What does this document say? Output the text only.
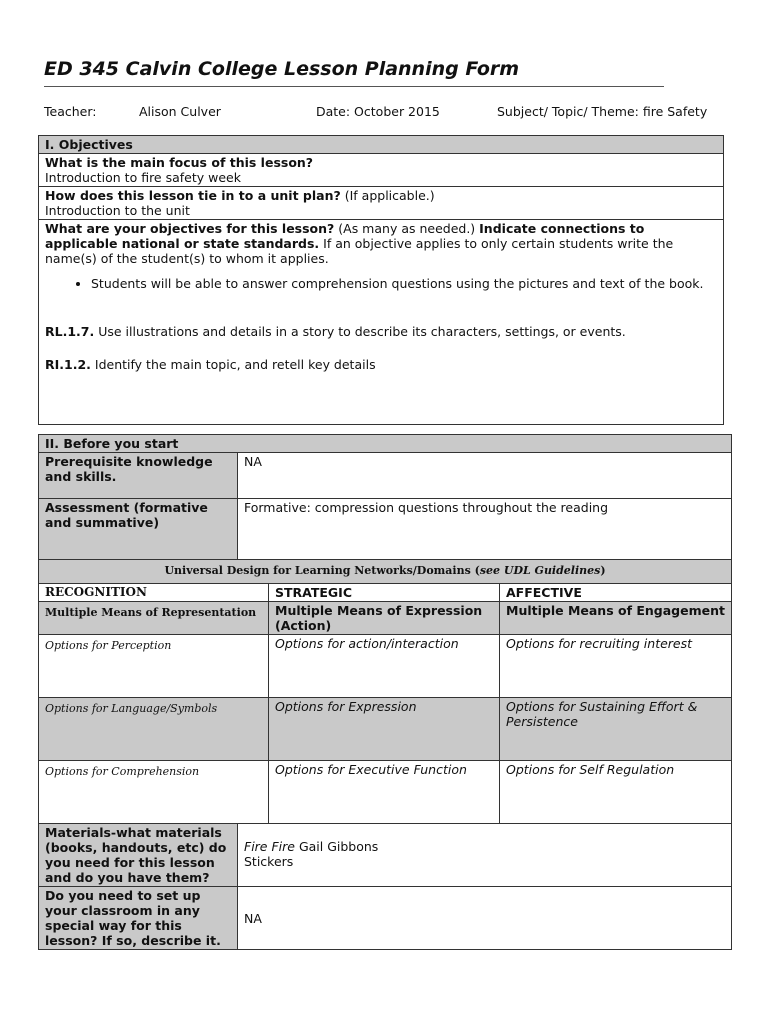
ED 345 Calvin College Lesson Planning Form
Teacher:	Alison Culver	Date: October 2015	Subject/ Topic/ Theme: fire Safety
I. Objectives

What is the main focus of this lesson?
Introduction to fire safety week

How does this lesson tie in to a unit plan? (If applicable.)
Introduction to the unit

What are your objectives for this lesson? (As many as needed.) Indicate connections to applicable national or state standards. If an objective applies to only certain students write the name(s) of the student(s) to whom it applies.
• Students will be able to answer comprehension questions using the pictures and text of the book.
RL.1.7. Use illustrations and details in a story to describe its characters, settings, or events.
RI.1.2. Identify the main topic, and retell key details
II. Before you start			
Prerequisite knowledge and skills.	NA		
Assessment (formative and summative)	Formative: compression questions throughout the reading		
Universal Design for Learning Networks/Domains (see UDL Guidelines)			
RECOGNITION		STRATEGIC	AFFECTIVE
Multiple Means of Representation		Multiple Means of Expression (Action)	Multiple Means of Engagement
Options for Perception		Options for action/interaction	Options for recruiting interest
Options for Language/Symbols		Options for Expression	Options for Sustaining Effort & Persistence
Options for Comprehension		Options for Executive Function	Options for Self Regulation
Materials-what materials (books, handouts, etc) do you need for this lesson and do you have them?	Fire Fire Gail Gibbons
Stickers		

Do you need to set up your classroom in any special way for this lesson? If so, describe it.	NA		
